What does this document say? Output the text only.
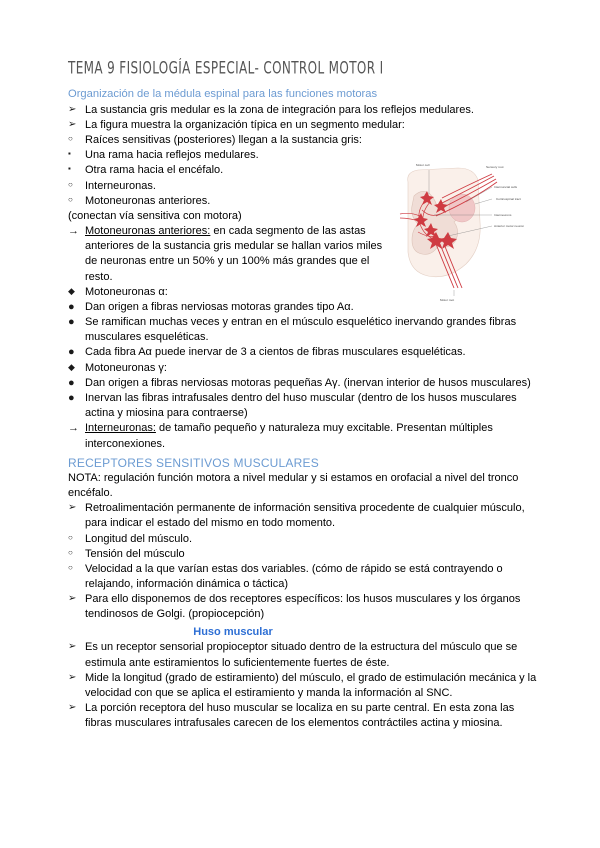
TEMA 9 FISIOLOGÍA ESPECIAL- CONTROL MOTOR I
Organización de la médula espinal para las funciones motoras
➢ La sustancia gris medular es la zona de integración para los reflejos medulares.
➢ La figura muestra la organización típica en un segmento medular:
○	Raíces sensitivas (posteriores) llegan a la sustancia gris:
▪	Una rama hacia reflejos medulares.
▪	Otra rama hacia el encéfalo.
○	Interneuronas.
○	Motoneuronas anteriores.
(conectan vía sensitiva con motora)
→ Motoneuronas anteriores: en cada segmento de las astas anteriores de la sustancia gris medular se hallan varios miles de neuronas entre un 50% y un 100% más grandes que el resto.
◆ Motoneuronas α:
● Dan origen a fibras nerviosas motoras grandes tipo Aα.
● Se ramifican muchas veces y entran en el músculo esquelético inervando grandes fibras musculares esqueléticas.
● Cada fibra Aα puede inervar de 3 a cientos de fibras musculares esqueléticas.
◆ Motoneuronas γ:
● Dan origen a fibras nerviosas motoras pequeñas Aγ. (inervan interior de husos musculares)
● Inervan las fibras intrafusales dentro del huso muscular (dentro de los husos musculares actina y miosina para contraerse)
→ Interneuronas: de tamaño pequeño y naturaleza muy excitable. Presentan múltiples interconexiones.
RECEPTORES SENSITIVOS MUSCULARES
NOTA: regulación función motora a nivel medular y si estamos en orofacial a nivel del tronco encéfalo.
➢ Retroalimentación permanente de información sensitiva procedente de cualquier músculo, para indicar el estado del mismo en todo momento.
○	Longitud del músculo.
○	Tensión del músculo
○	Velocidad a la que varían estas dos variables. (cómo de rápido se está contrayendo o relajando, información dinámica o táctica)
➢ Para ello disponemos de dos receptores específicos: los husos musculares y los órganos tendinosos de Golgi. (propiocepción)
Huso muscular
➢ Es un receptor sensorial propioceptor situado dentro de la estructura del músculo que se estimula ante estiramientos lo suficientemente fuertes de éste.
➢ Mide la longitud (grado de estiramiento) del músculo, el grado de estimulación mecánica y la velocidad con que se aplica el estiramiento y manda la información al SNC.
➢ La porción receptora del huso muscular se localiza en su parte central. En esta zona las fibras musculares intrafusales carecen de los elementos contráctiles actina y miosina.
Motor cell	Sensory root
Internuncial cells
Corticospinal tract
Interneurons
Anterior motor neuron
Motor root
